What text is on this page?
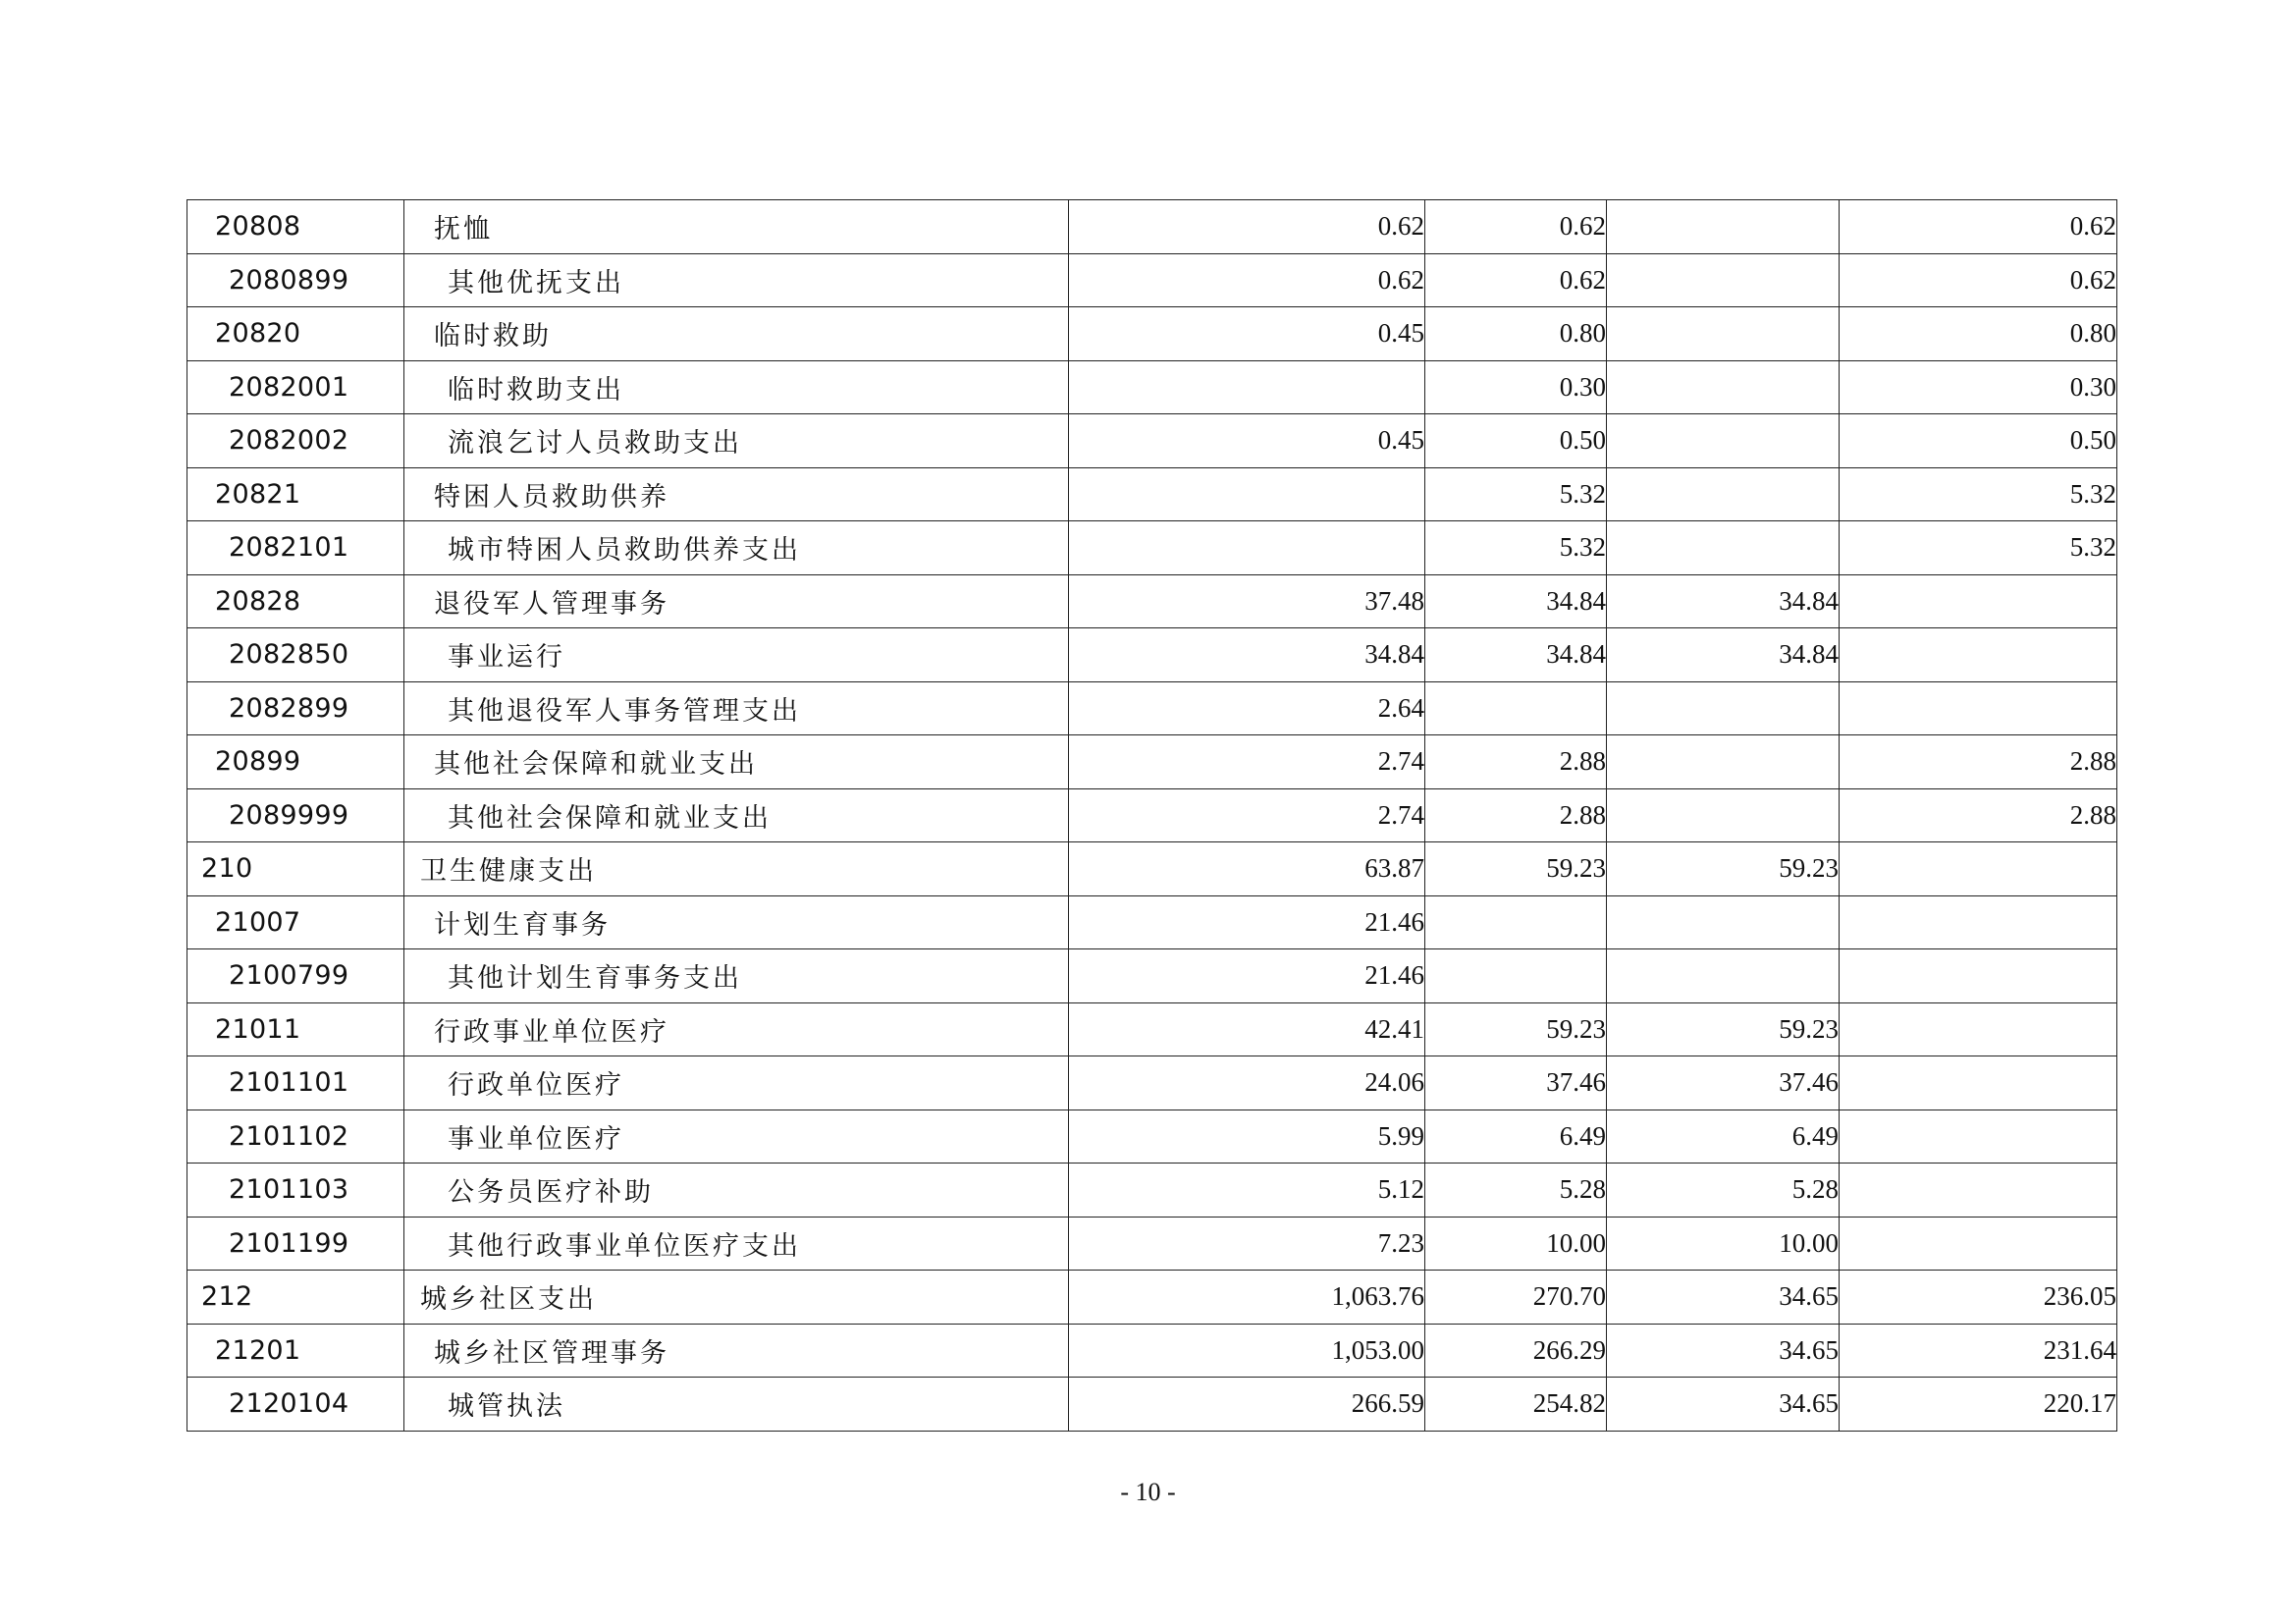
20808	抚恤	0.62	0.62		0.62
2080899	其他优抚支出	0.62	0.62		0.62
20820	临时救助	0.45	0.80		0.80
2082001	临时救助支出		0.30		0.30
2082002	流浪乞讨人员救助支出	0.45	0.50		0.50
20821	特困人员救助供养		5.32		5.32
2082101	城市特困人员救助供养支出		5.32		5.32
20828	退役军人管理事务	37.48	34.84	34.84	
2082850	事业运行	34.84	34.84	34.84	
2082899	其他退役军人事务管理支出	2.64			
20899	其他社会保障和就业支出	2.74	2.88		2.88
2089999	其他社会保障和就业支出	2.74	2.88		2.88
210	卫生健康支出	63.87	59.23	59.23	
21007	计划生育事务	21.46			
2100799	其他计划生育事务支出	21.46			
21011	行政事业单位医疗	42.41	59.23	59.23	
2101101	行政单位医疗	24.06	37.46	37.46	
2101102	事业单位医疗	5.99	6.49	6.49	
2101103	公务员医疗补助	5.12	5.28	5.28	
2101199	其他行政事业单位医疗支出	7.23	10.00	10.00	
212	城乡社区支出	1,063.76	270.70	34.65	236.05
21201	城乡社区管理事务	1,053.00	266.29	34.65	231.64
2120104	城管执法	266.59	254.82	34.65	220.17
- 10 -
